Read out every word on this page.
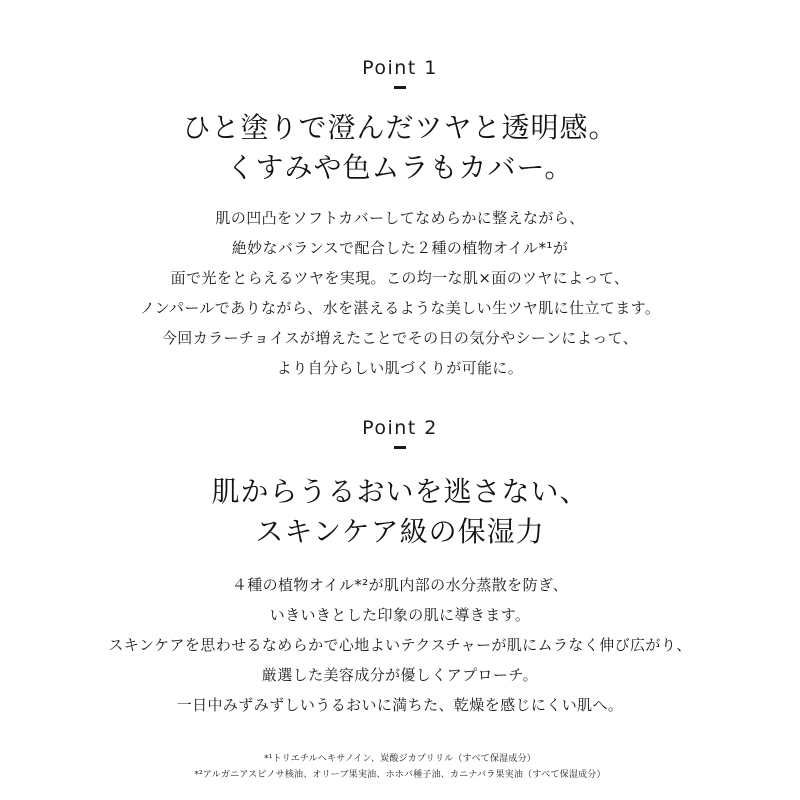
Point 1

ひと塗りで澄んだツヤと透明感。
くすみや色ムラもカバー。

肌の凹凸をソフトカバーしてなめらかに整えながら、
絶妙なバランスで配合した２種の植物オイル*¹が
面で光をとらえるツヤを実現。この均一な肌×面のツヤによって、
ノンパールでありながら、水を湛えるような美しい生ツヤ肌に仕立てます。
今回カラーチョイスが増えたことでその日の気分やシーンによって、
より自分らしい肌づくりが可能に。

Point 2

肌からうるおいを逃さない、
スキンケア級の保湿力

４種の植物オイル*²が肌内部の水分蒸散を防ぎ、
いきいきとした印象の肌に導きます。
スキンケアを思わせるなめらかで心地よいテクスチャーが肌にムラなく伸び広がり、
厳選した美容成分が優しくアプローチ。
一日中みずみずしいうるおいに満ちた、乾燥を感じにくい肌へ。

*¹トリエチルヘキサノイン、炭酸ジカプリリル（すべて保湿成分）
*²アルガニアスピノサ核油、オリーブ果実油、ホホバ種子油、カニナバラ果実油（すべて保湿成分）
